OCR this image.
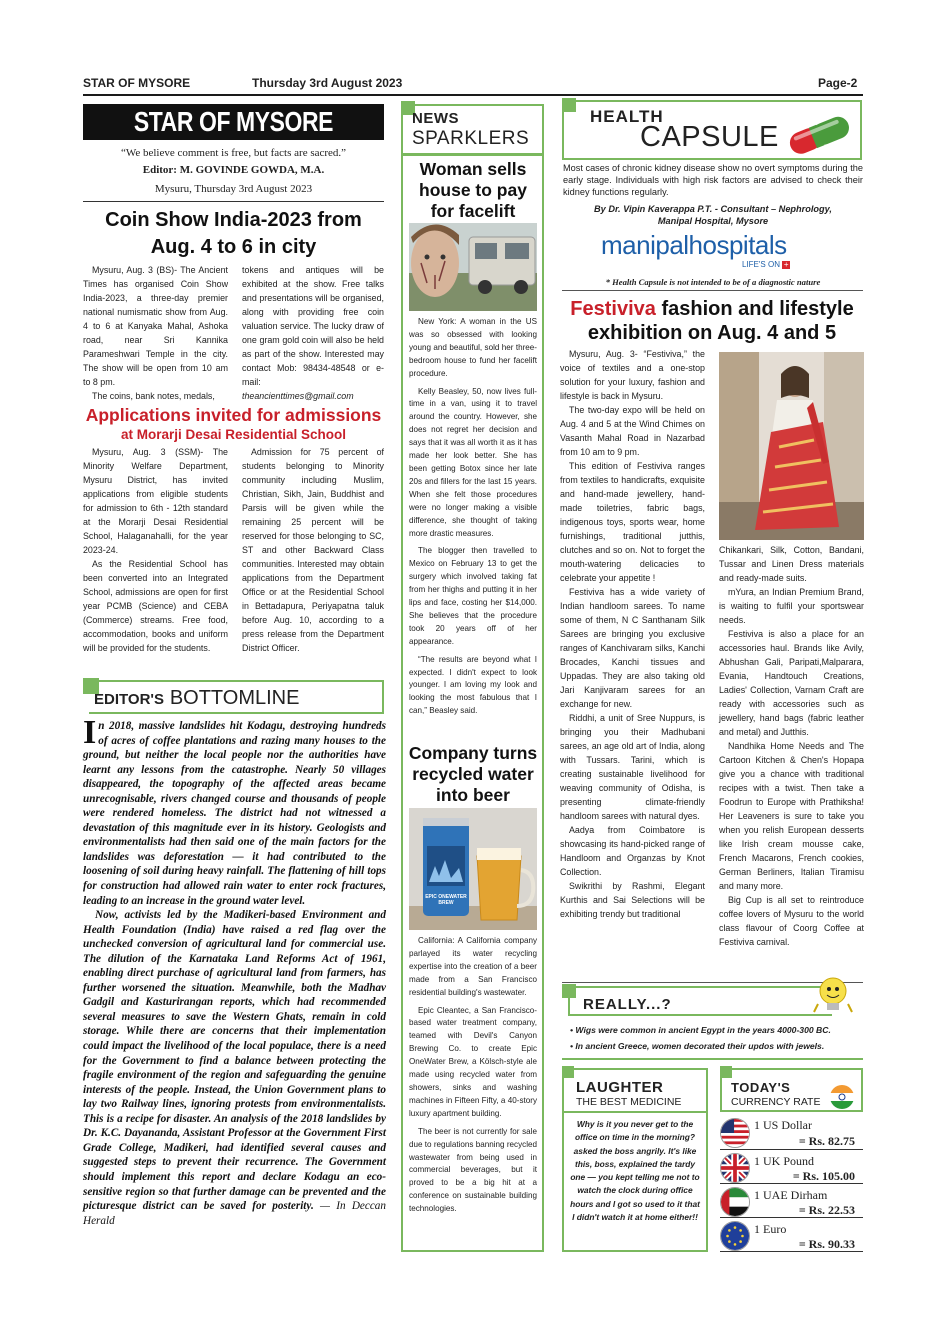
STAR OF MYSORE	Thursday 3rd August 2023	Page-2
STAR OF MYSORE
“We believe comment is free, but facts are sacred.”
Editor: M. GOVINDE GOWDA, M.A.
Mysuru, Thursday 3rd August 2023
Coin Show India-2023 from Aug. 4 to 6 in city

Mysuru, Aug. 3 (BS)- The Ancient Times has organised Coin Show India-2023, a three-day premier national numismatic show from Aug. 4 to 6 at Kanyaka Mahal, Ashoka road, near Sri Kannika Parameshwari Temple in the city. The show will be open from 10 am to 8 pm.

The coins, bank notes, medals,

tokens and antiques will be exhibited at the show. Free talks and presentations will be organised, along with providing free coin valuation service. The lucky draw of one gram gold coin will also be held as part of the show. Interested may contact Mob: 98434-48548 or e-mail:

theancienttimes@gmail.com

Applications invited for admissions
at Morarji Desai Residential School

Mysuru, Aug. 3 (SSM)- The Minority Welfare Department, Mysuru District, has invited applications from eligible students for admission to 6th - 12th standard at the Morarji Desai Residential School, Halaganahalli, for the year 2023-24.

As the Residential School has been converted into an Integrated School, admissions are open for first year PCMB (Science) and CEBA (Commerce) streams. Free food, accommodation, books and uniform will be provided for the students.

Admission for 75 percent of students belonging to Minority community including Muslim, Christian, Sikh, Jain, Buddhist and Parsis will be given while the remaining 25 percent will be reserved for those belonging to SC, ST and other Backward Class communities. Interested may obtain applications from the Department Office or at the Residential School in Bettadapura, Periyapatna taluk before Aug. 10, according to a press release from the Department District Officer.

EDITOR'S BOTTOMLINE

In 2018, massive landslides hit Kodagu, destroying hundreds of acres of coffee plantations and razing many houses to the ground, but neither the local people nor the authorities have learnt any lessons from the catastrophe. Nearly 50 villages disappeared, the topography of the affected areas became unrecognisable, rivers changed course and thousands of people were rendered homeless. The district had not witnessed a devastation of this magnitude ever in its history. Geologists and environmentalists had then said one of the main factors for the landslides was deforestation — it had contributed to the loosening of soil during heavy rainfall. The flattening of hill tops for construction had allowed rain water to enter rock fractures, leading to an increase in the ground water level.

Now, activists led by the Madikeri-based Environment and Health Foundation (India) have raised a red flag over the unchecked conversion of agricultural land for commercial use. The dilution of the Karnataka Land Reforms Act of 1961, enabling direct purchase of agricultural land from farmers, has further worsened the situation. Meanwhile, both the Madhav Gadgil and Kasturirangan reports, which had recommended several measures to save the Western Ghats, remain in cold storage. While there are concerns that their implementation could impact the livelihood of the local populace, there is a need for the Government to find a balance between protecting the fragile environment of the region and safeguarding the genuine interests of the people. Instead, the Union Government plans to lay two Railway lines, ignoring protests from environmentalists. This is a recipe for disaster. An analysis of the 2018 landslides by Dr. K.C. Dayananda, Assistant Professor at the Government First Grade College, Madikeri, had identified several causes and suggested steps to prevent their recurrence. The Government should implement this report and declare Kodagu an eco-sensitive region so that further damage can be prevented and the picturesque district can be saved for posterity. — In Deccan Herald

NEWS
SPARKLERS
Woman sells house to pay for facelift

New York: A woman in the US was so obsessed with looking young and beautiful, sold her three-bedroom house to fund her facelift procedure.

Kelly Beasley, 50, now lives full-time in a van, using it to travel around the country. However, she does not regret her decision and says that it was all worth it as it has made her look better. She has been getting Botox since her late 20s and fillers for the last 15 years. When she felt those procedures were no longer making a visible difference, she thought of taking more drastic measures.

The blogger then travelled to Mexico on February 13 to get the surgery which involved taking fat from her thighs and putting it in her lips and face, costing her $14,000. She believes that the procedure took 20 years off of her appearance.

“The results are beyond what I expected. I didn't expect to look younger. I am loving my look and looking the most fabulous that I can,” Beasley said.

Company turns recycled water into beer
EPIC ONEWATER BREW

California: A California company parlayed its water recycling expertise into the creation of a beer made from a San Francisco residential building's wastewater.

Epic Cleantec, a San Francisco-based water treatment company, teamed with Devil's Canyon Brewing Co. to create Epic OneWater Brew, a Kölsch-style ale made using recycled water from showers, sinks and washing machines in Fifteen Fifty, a 40-story luxury apartment building.

The beer is not currently for sale due to regulations banning recycled wastewater from being used in commercial beverages, but it proved to be a big hit at a conference on sustainable building technologies.

HEALTH
CAPSULE
Most cases of chronic kidney disease show no overt symptoms during the early stage. Individuals with high risk factors are advised to check their kidney functions regularly.
By Dr. Vipin Kaverappa P.T. - Consultant – Nephrology,
Manipal Hospital, Mysore
manipalhospitals
LIFE'S ON +
* Health Capsule is not intended to be of a diagnostic nature
Festiviva fashion and lifestyle
exhibition on Aug. 4 and 5

Mysuru, Aug. 3- “Festiviva,” the voice of textiles and a one-stop solution for your luxury, fashion and lifestyle is back in Mysuru.

The two-day expo will be held on Aug. 4 and 5 at the Wind Chimes on Vasanth Mahal Road in Nazarbad from 10 am to 9 pm.

This edition of Festiviva ranges from textiles to handicrafts, exquisite and hand-made jewellery, hand-made toiletries, fabric bags, indigenous toys, sports wear, home furnishings, traditional jutthis, clutches and so on. Not to forget the mouth-watering delicacies to celebrate your appetite !

Festiviva has a wide variety of Indian handloom sarees. To name some of them, N C Santhanam Silk Sarees are bringing you exclusive ranges of Kanchivaram silks, Kanchi Brocades, Kanchi tissues and Uppadas. They are also taking old Jari Kanjivaram sarees for an exchange for new.

Riddhi, a unit of Sree Nuppurs, is bringing you their Madhubani sarees, an age old art of India, along with Tussars. Tarini, which is creating sustainable livelihood for weaving community of Odisha, is presenting climate-friendly handloom sarees with natural dyes.

Aadya from Coimbatore is showcasing its hand-picked range of Handloom and Organzas by Knot Collection.

Swikrithi by Rashmi, Elegant Kurthis and Sai Selections will be exhibiting trendy but traditional

Chikankari, Silk, Cotton, Bandani, Tussar and Linen Dress materials and ready-made suits.

mYura, an Indian Premium Brand, is waiting to fulfil your sportswear needs.

Festiviva is also a place for an accessories haul. Brands like Avily, Abhushan Gali, Paripati,Malparara, Evania, Handtouch Creations, Ladies' Collection, Varnam Craft are ready with accessories such as jewellery, hand bags (fabric leather and metal) and Jutthis.

Nandhika Home Needs and The Cartoon Kitchen & Chen's Hopapa give you a chance with traditional recipes with a twist. Then take a Foodrun to Europe with Prathiksha! Her Leaveners is sure to take you when you relish European desserts like Irish cream mousse cake, French Macarons, French cookies, German Berliners, Italian Tiramisu and many more.

Big Cup is all set to reintroduce coffee lovers of Mysuru to the world class flavour of Coorg Coffee at Festiviva carnival.

REALLY...?
• Wigs were common in ancient Egypt in the years 4000-300 BC.
• In ancient Greece, women decorated their updos with jewels.
LAUGHTER
THE BEST MEDICINE
Why is it you never get to the office on time in the morning? asked the boss angrily. It's like this, boss, explained the tardy one — you kept telling me not to watch the clock during office hours and I got so used to it that I didn't watch it at home either!!
TODAY'S
CURRENCY RATE
1 US Dollar
= Rs. 82.75
1 UK Pound
= Rs. 105.00
1 UAE Dirham
= Rs. 22.53
1 Euro
= Rs. 90.33
